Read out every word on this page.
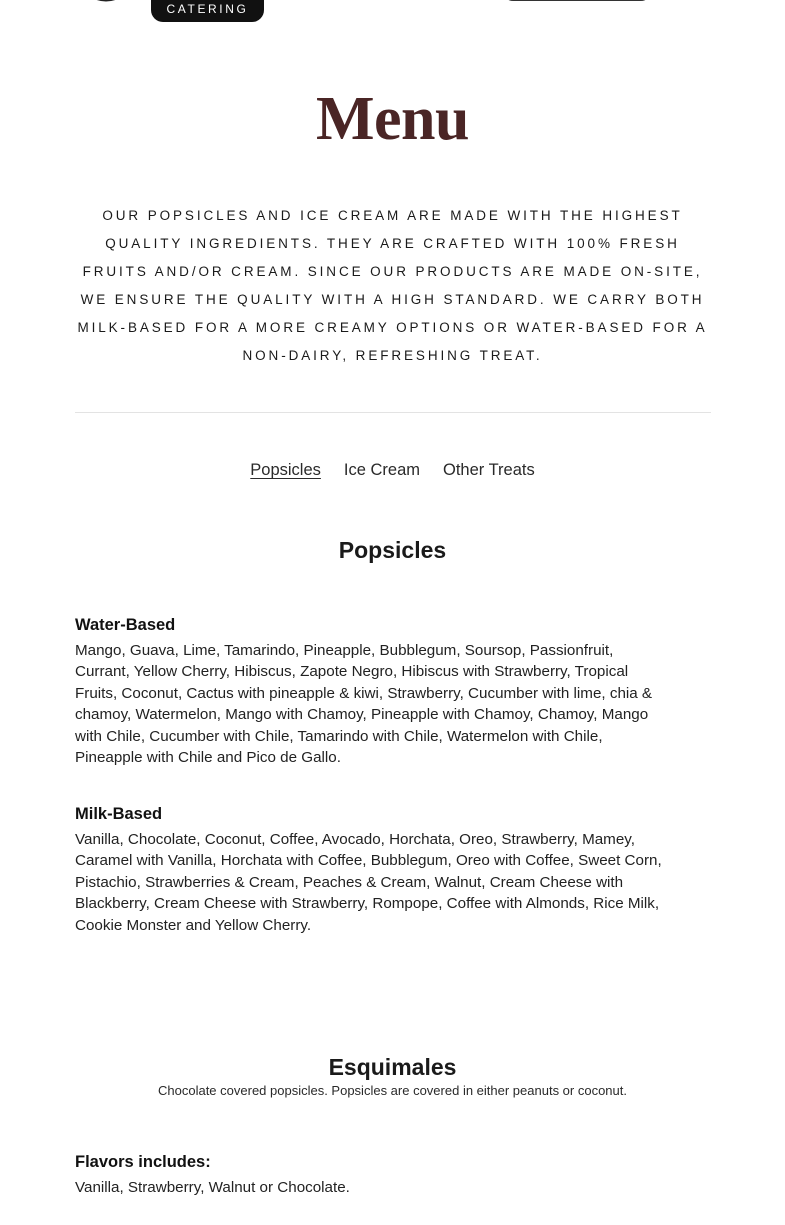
CATERING
Menu

OUR POPSICLES AND ICE CREAM ARE MADE WITH THE HIGHEST QUALITY INGREDIENTS. THEY ARE CRAFTED WITH 100% FRESH FRUITS AND/OR CREAM. SINCE OUR PRODUCTS ARE MADE ON-SITE, WE ENSURE THE QUALITY WITH A HIGH STANDARD. WE CARRY BOTH MILK-BASED FOR A MORE CREAMY OPTIONS OR WATER-BASED FOR A NON-DAIRY, REFRESHING TREAT.

Popsicles Ice Cream Other Treats
Popsicles
Water-Based

Mango, Guava, Lime, Tamarindo, Pineapple, Bubblegum, Soursop, Passionfruit, Currant, Yellow Cherry, Hibiscus, Zapote Negro, Hibiscus with Strawberry, Tropical Fruits, Coconut, Cactus with pineapple & kiwi, Strawberry, Cucumber with lime, chia & chamoy, Watermelon, Mango with Chamoy, Pineapple with Chamoy, Chamoy, Mango with Chile, Cucumber with Chile, Tamarindo with Chile, Watermelon with Chile, Pineapple with Chile and Pico de Gallo.

Milk-Based

Vanilla, Chocolate, Coconut, Coffee, Avocado, Horchata, Oreo, Strawberry, Mamey, Caramel with Vanilla, Horchata with Coffee, Bubblegum, Oreo with Coffee, Sweet Corn, Pistachio, Strawberries & Cream, Peaches & Cream, Walnut, Cream Cheese with Blackberry, Cream Cheese with Strawberry, Rompope, Coffee with Almonds, Rice Milk, Cookie Monster and Yellow Cherry.

Esquimales

Chocolate covered popsicles. Popsicles are covered in either peanuts or coconut.

Flavors includes:

Vanilla, Strawberry, Walnut or Chocolate.
